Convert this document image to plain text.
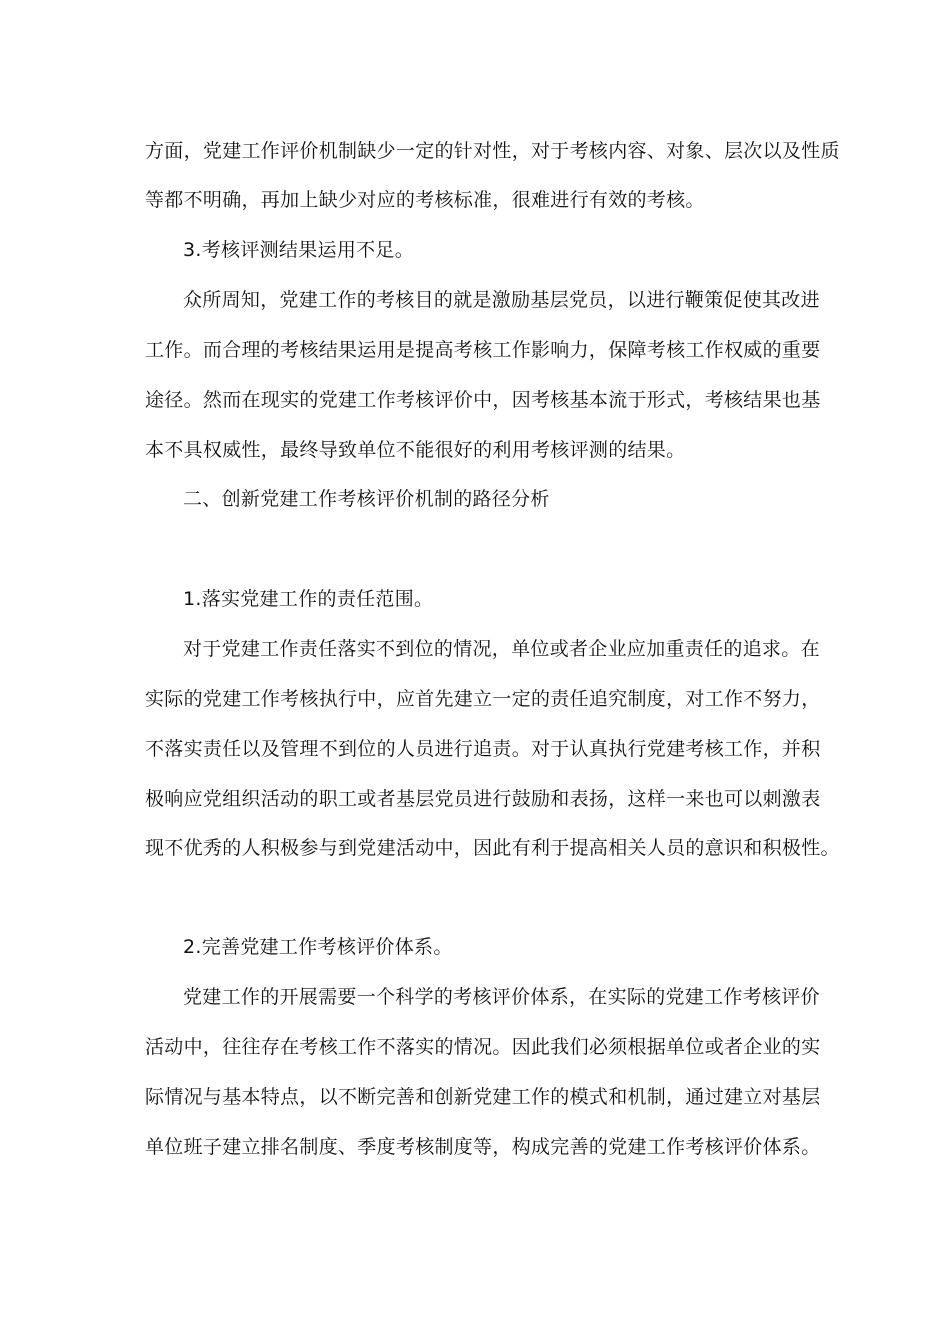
方面，党建工作评价机制缺少一定的针对性，对于考核内容、对象、层次以及性质
等都不明确，再加上缺少对应的考核标准，很难进行有效的考核。
3.考核评测结果运用不足。
众所周知，党建工作的考核目的就是激励基层党员，以进行鞭策促使其改进
工作。而合理的考核结果运用是提高考核工作影响力，保障考核工作权威的重要
途径。然而在现实的党建工作考核评价中，因考核基本流于形式，考核结果也基
本不具权威性，最终导致单位不能很好的利用考核评测的结果。
二、创新党建工作考核评价机制的路径分析
1.落实党建工作的责任范围。
对于党建工作责任落实不到位的情况，单位或者企业应加重责任的追求。在
实际的党建工作考核执行中，应首先建立一定的责任追究制度，对工作不努力，
不落实责任以及管理不到位的人员进行追责。对于认真执行党建考核工作，并积
极响应党组织活动的职工或者基层党员进行鼓励和表扬，这样一来也可以刺激表
现不优秀的人积极参与到党建活动中，因此有利于提高相关人员的意识和积极性。
2.完善党建工作考核评价体系。
党建工作的开展需要一个科学的考核评价体系，在实际的党建工作考核评价
活动中，往往存在考核工作不落实的情况。因此我们必须根据单位或者企业的实
际情况与基本特点，以不断完善和创新党建工作的模式和机制，通过建立对基层
单位班子建立排名制度、季度考核制度等，构成完善的党建工作考核评价体系。
